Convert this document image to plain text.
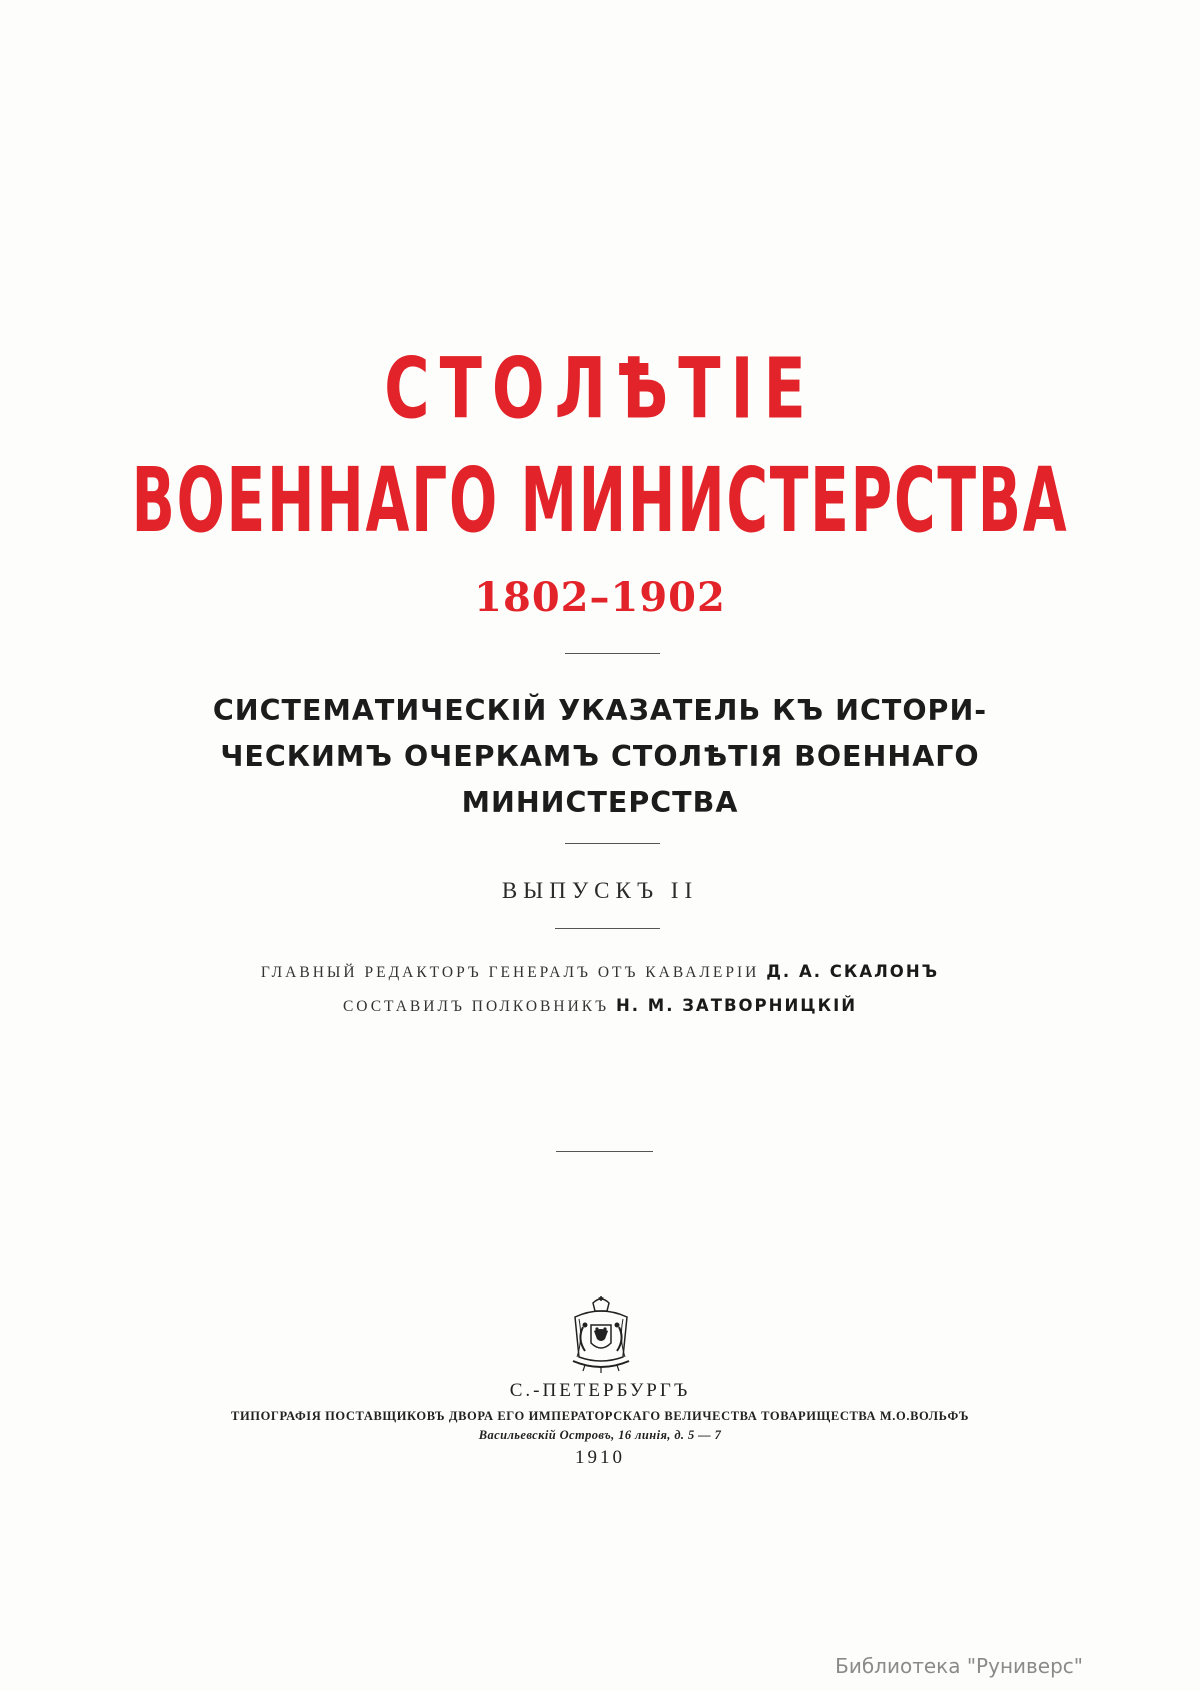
СТОЛѢТІЕ
ВОЕННАГО МИНИСТЕРСТВА
1802–1902
СИСТЕМАТИЧЕСКІЙ УКАЗАТЕЛЬ КЪ ИСТОРИ-
ЧЕСКИМЪ ОЧЕРКАМЪ СТОЛѢТІЯ ВОЕННАГО
МИНИСТЕРСТВА
ВЫПУСКЪ II
ГЛАВНЫЙ РЕДАКТОРЪ ГЕНЕРАЛЪ ОТЪ КАВАЛЕРІИ Д. А. СКАЛОНЪ
СОСТАВИЛЪ ПОЛКОВНИКЪ Н. М. ЗАТВОРНИЦКІЙ
С.-ПЕТЕРБУРГЪ
ТИПОГРАФІЯ ПОСТАВЩИКОВЪ ДВОРА ЕГО ИМПЕРАТОРСКАГО ВЕЛИЧЕСТВА ТОВАРИЩЕСТВА М.О.ВОЛЬФЪ
Васильевскій Островъ, 16 линія, д. 5 — 7
1910
Библиотека "Руниверс"
